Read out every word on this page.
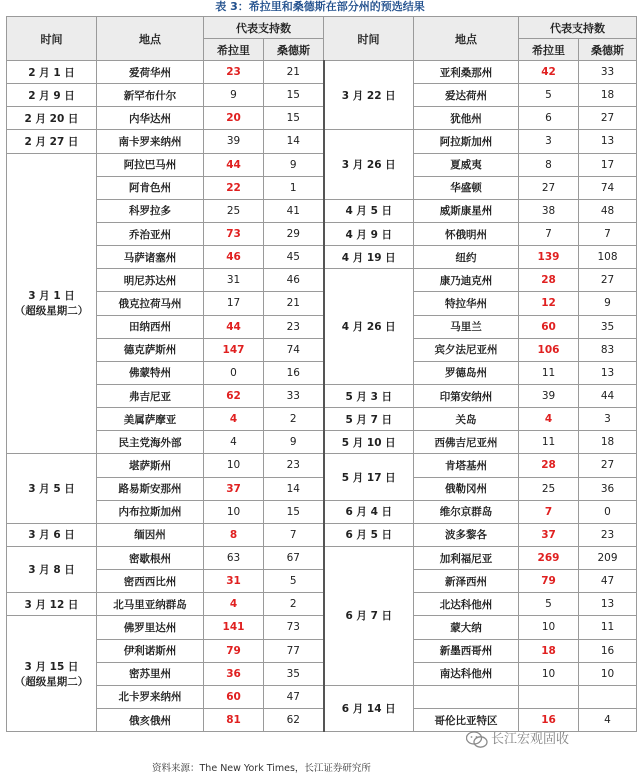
表 3：希拉里和桑德斯在部分州的预选结果
时间	地点	代表支持数		时间	地点	代表支持数	
		希拉里	桑德斯			希拉里	桑德斯

2 月 1 日	爱荷华州	23	21	3 月 22 日	亚利桑那州	42	33

2 月 9 日	新罕布什尔	9	15		爱达荷州	5	18

2 月 20 日	内华达州	20	15		犹他州	6	27

2 月 27 日	南卡罗来纳州	39	14	3 月 26 日	阿拉斯加州	3	13

3 月 1 日
（超级星期二）	阿拉巴马州	44	9		夏威夷	8	17
	阿肯色州	22	1		华盛顿	27	74
	科罗拉多	25	41	4 月 5 日	威斯康星州	38	48
	乔治亚州	73	29	4 月 9 日	怀俄明州	7	7
	马萨诸塞州	46	45	4 月 19 日	纽约	139	108
	明尼苏达州	31	46	4 月 26 日	康乃迪克州	28	27
	俄克拉荷马州	17	21		特拉华州	12	9
	田纳西州	44	23		马里兰	60	35
	德克萨斯州	147	74		宾夕法尼亚州	106	83
	佛蒙特州	0	16		罗德岛州	11	13
	弗吉尼亚	62	33	5 月 3 日	印第安纳州	39	44
	美属萨摩亚	4	2	5 月 7 日	关岛	4	3
	民主党海外部	4	9	5 月 10 日	西佛吉尼亚州	11	18

3 月 5 日	堪萨斯州	10	23	5 月 17 日	肯塔基州	28	27
	路易斯安那州	37	14		俄勒冈州	25	36
	内布拉斯加州	10	15	6 月 4 日	维尔京群岛	7	0

3 月 6 日	缅因州	8	7	6 月 5 日	波多黎各	37	23

3 月 8 日	密歇根州	63	67	6 月 7 日	加利福尼亚	269	209
	密西西比州	31	5		新泽西州	79	47

3 月 12 日	北马里亚纳群岛	4	2		北达科他州	5	13

3 月 15 日
（超级星期二）	佛罗里达州	141	73		蒙大纳	10	11
	伊利诺斯州	79	77		新墨西哥州	18	16
	密苏里州	36	35		南达科他州	10	10
	北卡罗来纳州	60	47	6 月 14 日			
	俄亥俄州	81	62		哥伦比亚特区	16	4
资料来源：The New York Times，长江证券研究所
长江宏观固收
